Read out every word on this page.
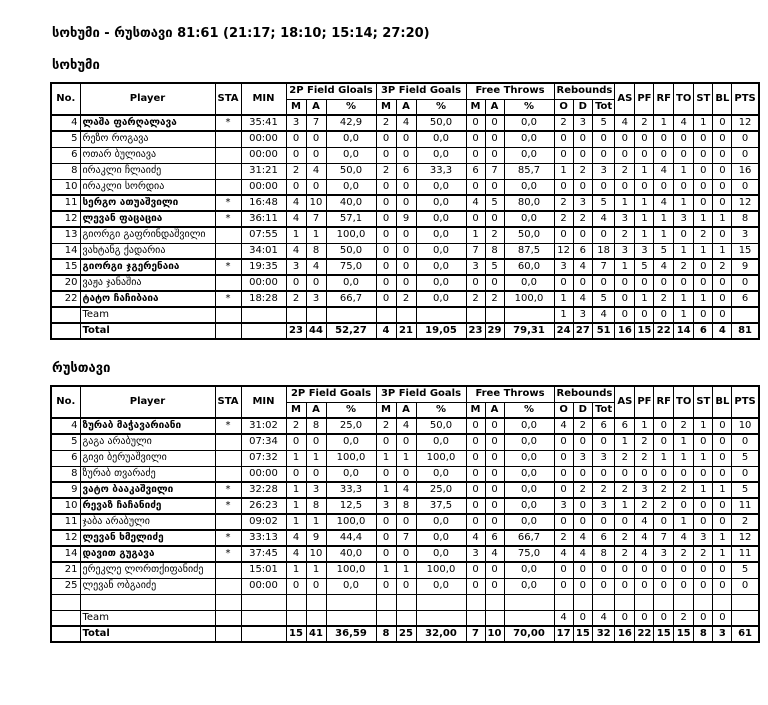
სოხუმი - რუსთავი 81:61 (21:17; 18:10; 15:14; 27:20)
სოხუმი
No.	Player	STA	MIN	2P Field Gloals			3P Field Goals			Free Throws			Rebounds			AS	PF	RF	TO	ST	BL	PTS
				M	A	%	M	A	%	M	A	%	O	D	Tot							
4	ლაშა ფარღალავა	*	35:41	3	7	42,9	2	4	50,0	0	0	0,0	2	3	5	4	2	1	4	1	0	12
5	რეზო როგავა		00:00	0	0	0,0	0	0	0,0	0	0	0,0	0	0	0	0	0	0	0	0	0	0
6	ოთარ ბულიავა		00:00	0	0	0,0	0	0	0,0	0	0	0,0	0	0	0	0	0	0	0	0	0	0
8	ირაკლი ჩლაიძე		31:21	2	4	50,0	2	6	33,3	6	7	85,7	1	2	3	2	1	4	1	0	0	16
10	ირაკლი სორდია		00:00	0	0	0,0	0	0	0,0	0	0	0,0	0	0	0	0	0	0	0	0	0	0
11	სერგო ათუაშვილი	*	16:48	4	10	40,0	0	0	0,0	4	5	80,0	2	3	5	1	1	4	1	0	0	12
12	ლევან ფაცაცია	*	36:11	4	7	57,1	0	9	0,0	0	0	0,0	2	2	4	3	1	1	3	1	1	8
13	გიორგი გაფრინდაშვილი		07:55	1	1	100,0	0	0	0,0	1	2	50,0	0	0	0	2	1	1	0	2	0	3
14	ვახტანგ ქადარია		34:01	4	8	50,0	0	0	0,0	7	8	87,5	12	6	18	3	3	5	1	1	1	15
15	გიორგი ჯგერენაია	*	19:35	3	4	75,0	0	0	0,0	3	5	60,0	3	4	7	1	5	4	2	0	2	9
20	ვაჟა ჯანაშია		00:00	0	0	0,0	0	0	0,0	0	0	0,0	0	0	0	0	0	0	0	0	0	0
22	ტატო ჩაჩიბაია	*	18:28	2	3	66,7	0	2	0,0	2	2	100,0	1	4	5	0	1	2	1	1	0	6
	Team												1	3	4	0	0	0	1	0	0	
	Total			23	44	52,27	4	21	19,05	23	29	79,31	24	27	51	16	15	22	14	6	4	81
რუსთავი
No.	Player	STA	MIN	2P Field Goals			3P Field Goals			Free Throws			Rebounds			AS	PF	RF	TO	ST	BL	PTS
				M	A	%	M	A	%	M	A	%	O	D	Tot							
4	ზურაბ მაჭავარიანი	*	31:02	2	8	25,0	2	4	50,0	0	0	0,0	4	2	6	6	1	0	2	1	0	10
5	გაგა არაბული		07:34	0	0	0,0	0	0	0,0	0	0	0,0	0	0	0	1	2	0	1	0	0	0
6	გივი ბერუაშვილი		07:32	1	1	100,0	1	1	100,0	0	0	0,0	0	3	3	2	2	1	1	1	0	5
8	ზურაბ თვარაძე		00:00	0	0	0,0	0	0	0,0	0	0	0,0	0	0	0	0	0	0	0	0	0	0
9	ვატო ბააკაშვილი	*	32:28	1	3	33,3	1	4	25,0	0	0	0,0	0	2	2	2	3	2	2	1	1	5
10	რევაზ ჩაჩანიძე	*	26:23	1	8	12,5	3	8	37,5	0	0	0,0	3	0	3	1	2	2	0	0	0	11
11	ჯაბა არაბული		09:02	1	1	100,0	0	0	0,0	0	0	0,0	0	0	0	0	4	0	1	0	0	2
12	ლევან ხმელიძე	*	33:13	4	9	44,4	0	7	0,0	4	6	66,7	2	4	6	2	4	7	4	3	1	12
14	დავით გუგავა	*	37:45	4	10	40,0	0	0	0,0	3	4	75,0	4	4	8	2	4	3	2	2	1	11
21	ერეკლე ლორთქიფანიძე		15:01	1	1	100,0	1	1	100,0	0	0	0,0	0	0	0	0	0	0	0	0	0	5
25	ლევან ობგაიძე		00:00	0	0	0,0	0	0	0,0	0	0	0,0	0	0	0	0	0	0	0	0	0	0

	Team												4	0	4	0	0	0	2	0	0	
	Total			15	41	36,59	8	25	32,00	7	10	70,00	17	15	32	16	22	15	15	8	3	61
